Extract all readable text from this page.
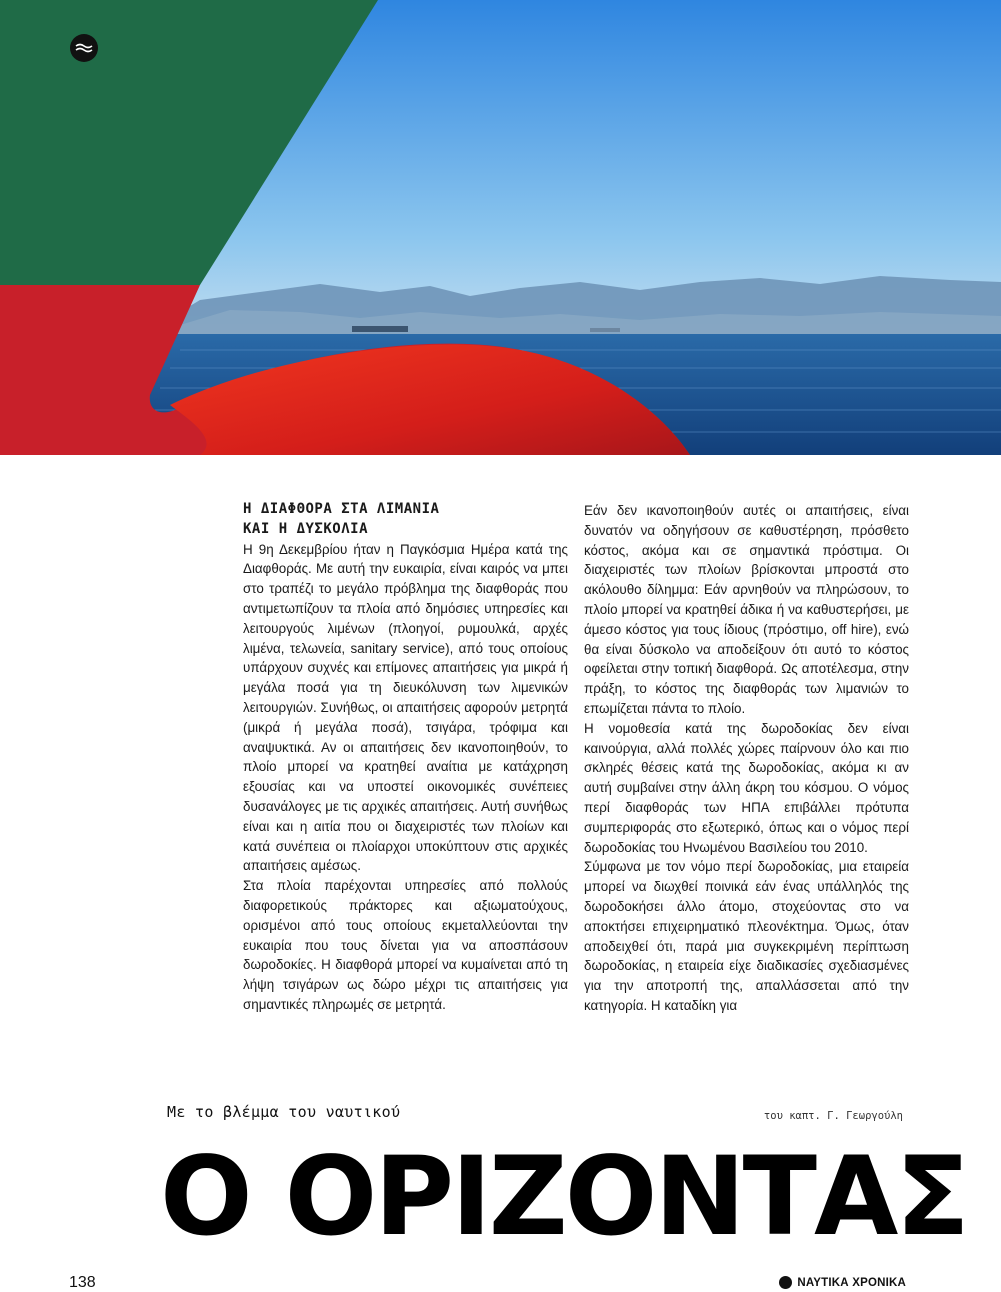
Η ΔΙΑΦΘΟΡΑ ΣΤΑ ΛΙΜΑΝΙΑ
ΚΑΙ Η ΔΥΣΚΟΛΙΑ

Η 9η Δεκεμβρίου ήταν η Παγκόσμια Ημέρα κατά της Διαφθοράς. Με αυτή την ευκαιρία, είναι καιρός να μπει στο τραπέζι το μεγάλο πρόβλημα της διαφθοράς που αντιμετωπίζουν τα πλοία από δημόσιες υπηρεσίες και λειτουργούς λιμένων (πλοηγοί, ρυμουλκά, αρχές λιμένα, τελωνεία, sanitary service), από τους οποίους υπάρχουν συχνές και επίμονες απαιτήσεις για μικρά ή μεγάλα ποσά για τη διευκόλυνση των λιμενικών λειτουργιών. Συνήθως, οι απαιτήσεις αφορούν μετρητά (μικρά ή μεγάλα ποσά), τσιγάρα, τρόφιμα και αναψυκτικά. Αν οι απαιτήσεις δεν ικανοποιηθούν, το πλοίο μπορεί να κρατηθεί αναίτια με κατάχρηση εξουσίας και να υποστεί οικονομικές συνέπειες δυσανάλογες με τις αρχικές απαιτήσεις. Αυτή συνήθως είναι και η αιτία που οι διαχειριστές των πλοίων και κατά συνέπεια οι πλοίαρχοι υποκύπτουν στις αρχικές απαιτήσεις αμέσως.

Στα πλοία παρέχονται υπηρεσίες από πολλούς διαφορετικούς πράκτορες και αξιωματούχους, ορισμένοι από τους οποίους εκμεταλλεύονται την ευκαιρία που τους δίνεται για να αποσπάσουν δωροδοκίες. Η διαφθορά μπορεί να κυμαίνεται από τη λήψη τσιγάρων ως δώρο μέχρι τις απαιτήσεις για σημαντικές πληρωμές σε μετρητά.

Εάν δεν ικανοποιηθούν αυτές οι απαιτήσεις, είναι δυνατόν να οδηγήσουν σε καθυστέρηση, πρόσθετο κόστος, ακόμα και σε σημαντικά πρόστιμα. Οι διαχειριστές των πλοίων βρίσκονται μπροστά στο ακόλουθο δίλημμα: Εάν αρνηθούν να πληρώσουν, το πλοίο μπορεί να κρατηθεί άδικα ή να καθυστερήσει, με άμεσο κόστος για τους ίδιους (πρόστιμο, off hire), ενώ θα είναι δύσκολο να αποδείξουν ότι αυτό το κόστος οφείλεται στην τοπική διαφθορά. Ως αποτέλεσμα, στην πράξη, το κόστος της διαφθοράς των λιμανιών το επωμίζεται πάντα το πλοίο.

Η νομοθεσία κατά της δωροδοκίας δεν είναι καινούργια, αλλά πολλές χώρες παίρνουν όλο και πιο σκληρές θέσεις κατά της δωροδοκίας, ακόμα κι αν αυτή συμβαίνει στην άλλη άκρη του κόσμου. Ο νόμος περί διαφθοράς των ΗΠΑ επιβάλλει πρότυπα συμπεριφοράς στο εξωτερικό, όπως και ο νόμος περί δωροδοκίας του Ηνωμένου Βασιλείου του 2010.

Σύμφωνα με τον νόμο περί δωροδοκίας, μια εταιρεία μπορεί να διωχθεί ποινικά εάν ένας υπάλληλός της δωροδοκήσει άλλο άτομο, στοχεύοντας στο να αποκτήσει επιχειρηματικό πλεονέκτημα. Όμως, όταν αποδειχθεί ότι, παρά μια συγκεκριμένη περίπτωση δωροδοκίας, η εταιρεία είχε διαδικασίες σχεδιασμένες για την αποτροπή της, απαλλάσσεται από την κατηγορία. Η καταδίκη για

Με το βλέμμα του ναυτικού	του καπτ. Γ. Γεωργούλη
Ο ΟΡΙΖΟΝΤΑΣ
138	ΝΑΥΤΙΚΑ ΧΡΟΝΙΚΑ
